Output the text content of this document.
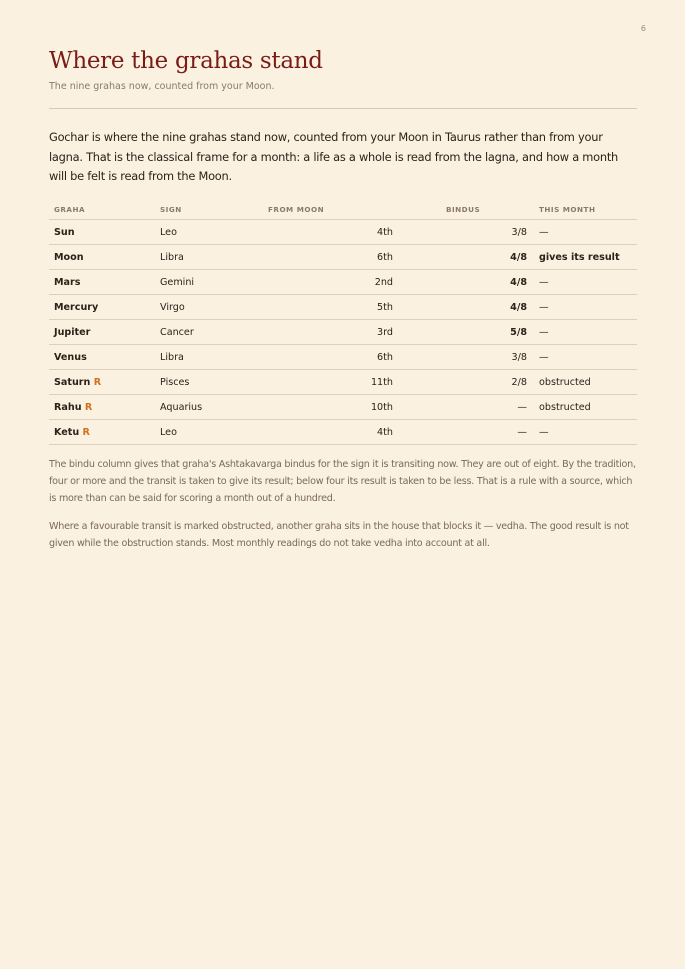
6
Where the grahas stand
The nine grahas now, counted from your Moon.

Gochar is where the nine grahas stand now, counted from your Moon in Taurus rather than from your lagna. That is the classical frame for a month: a life as a whole is read from the lagna, and how a month will be felt is read from the Moon.

GRAHA	SIGN	FROM MOON	BINDUS	THIS MONTH
Sun	Leo	4th	3/8	—
Moon	Libra	6th	4/8	gives its result
Mars	Gemini	2nd	4/8	—
Mercury	Virgo	5th	4/8	—
Jupiter	Cancer	3rd	5/8	—
Venus	Libra	6th	3/8	—
Saturn R	Pisces	11th	2/8	obstructed
Rahu R	Aquarius	10th	—	obstructed
Ketu R	Leo	4th	—	—

The bindu column gives that graha's Ashtakavarga bindus for the sign it is transiting now. They are out of eight. By the tradition, four or more and the transit is taken to give its result; below four its result is taken to be less. That is a rule with a source, which is more than can be said for scoring a month out of a hundred.

Where a favourable transit is marked obstructed, another graha sits in the house that blocks it — vedha. The good result is not given while the obstruction stands. Most monthly readings do not take vedha into account at all.
